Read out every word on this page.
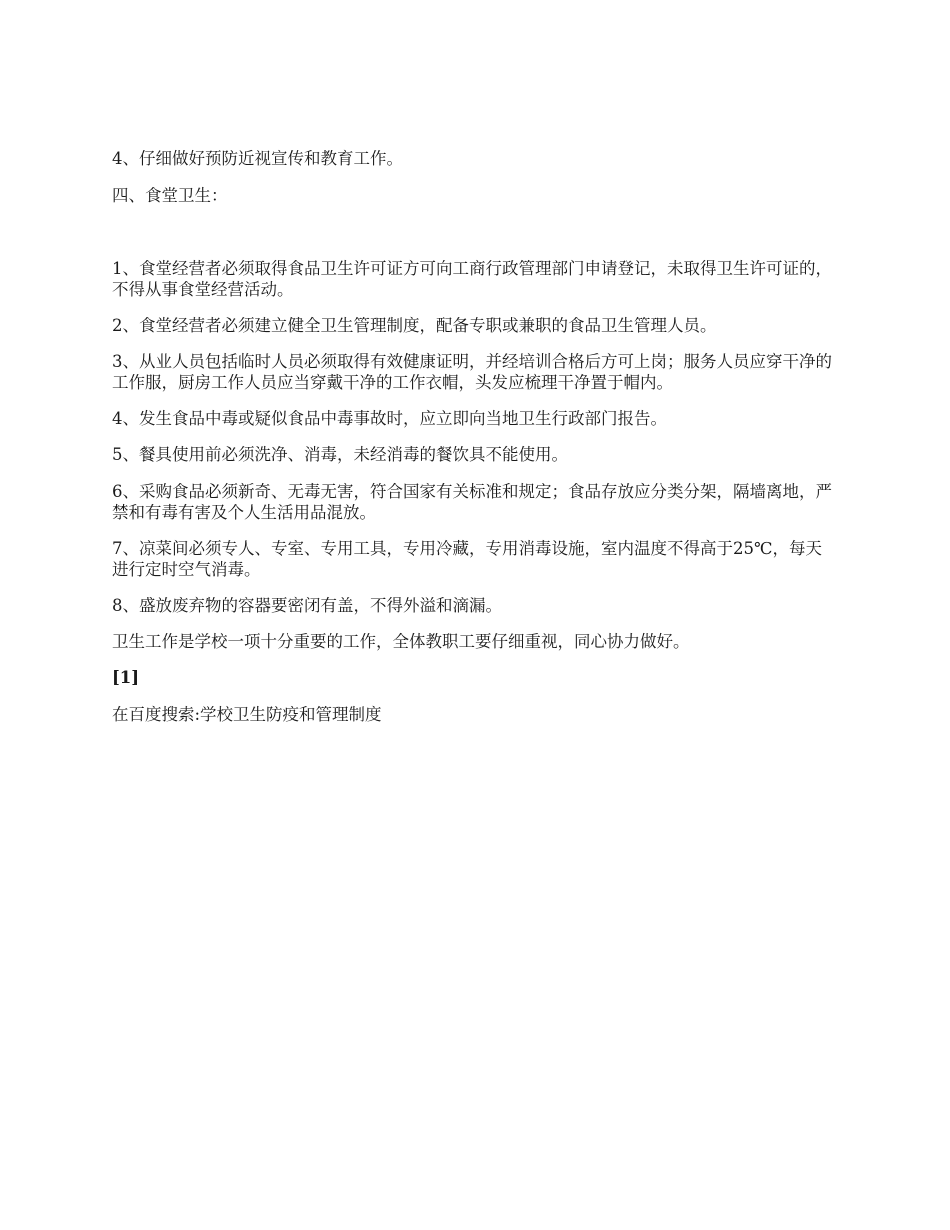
4、仔细做好预防近视宣传和教育工作。

四、食堂卫生：

1、食堂经营者必须取得食品卫生许可证方可向工商行政管理部门申请登记，未取得卫生许可证的，不得从事食堂经营活动。

2、食堂经营者必须建立健全卫生管理制度，配备专职或兼职的食品卫生管理人员。

3、从业人员包括临时人员必须取得有效健康证明，并经培训合格后方可上岗；服务人员应穿干净的工作服，厨房工作人员应当穿戴干净的工作衣帽，头发应梳理干净置于帽内。

4、发生食品中毒或疑似食品中毒事故时，应立即向当地卫生行政部门报告。

5、餐具使用前必须洗净、消毒，未经消毒的餐饮具不能使用。

6、采购食品必须新奇、无毒无害，符合国家有关标准和规定；食品存放应分类分架，隔墙离地，严禁和有毒有害及个人生活用品混放。

7、凉菜间必须专人、专室、专用工具，专用冷藏，专用消毒设施，室内温度不得高于25℃，每天进行定时空气消毒。

8、盛放废弃物的容器要密闭有盖，不得外溢和滴漏。

卫生工作是学校一项十分重要的工作，全体教职工要仔细重视，同心协力做好。

[1]

在百度搜索:学校卫生防疫和管理制度
